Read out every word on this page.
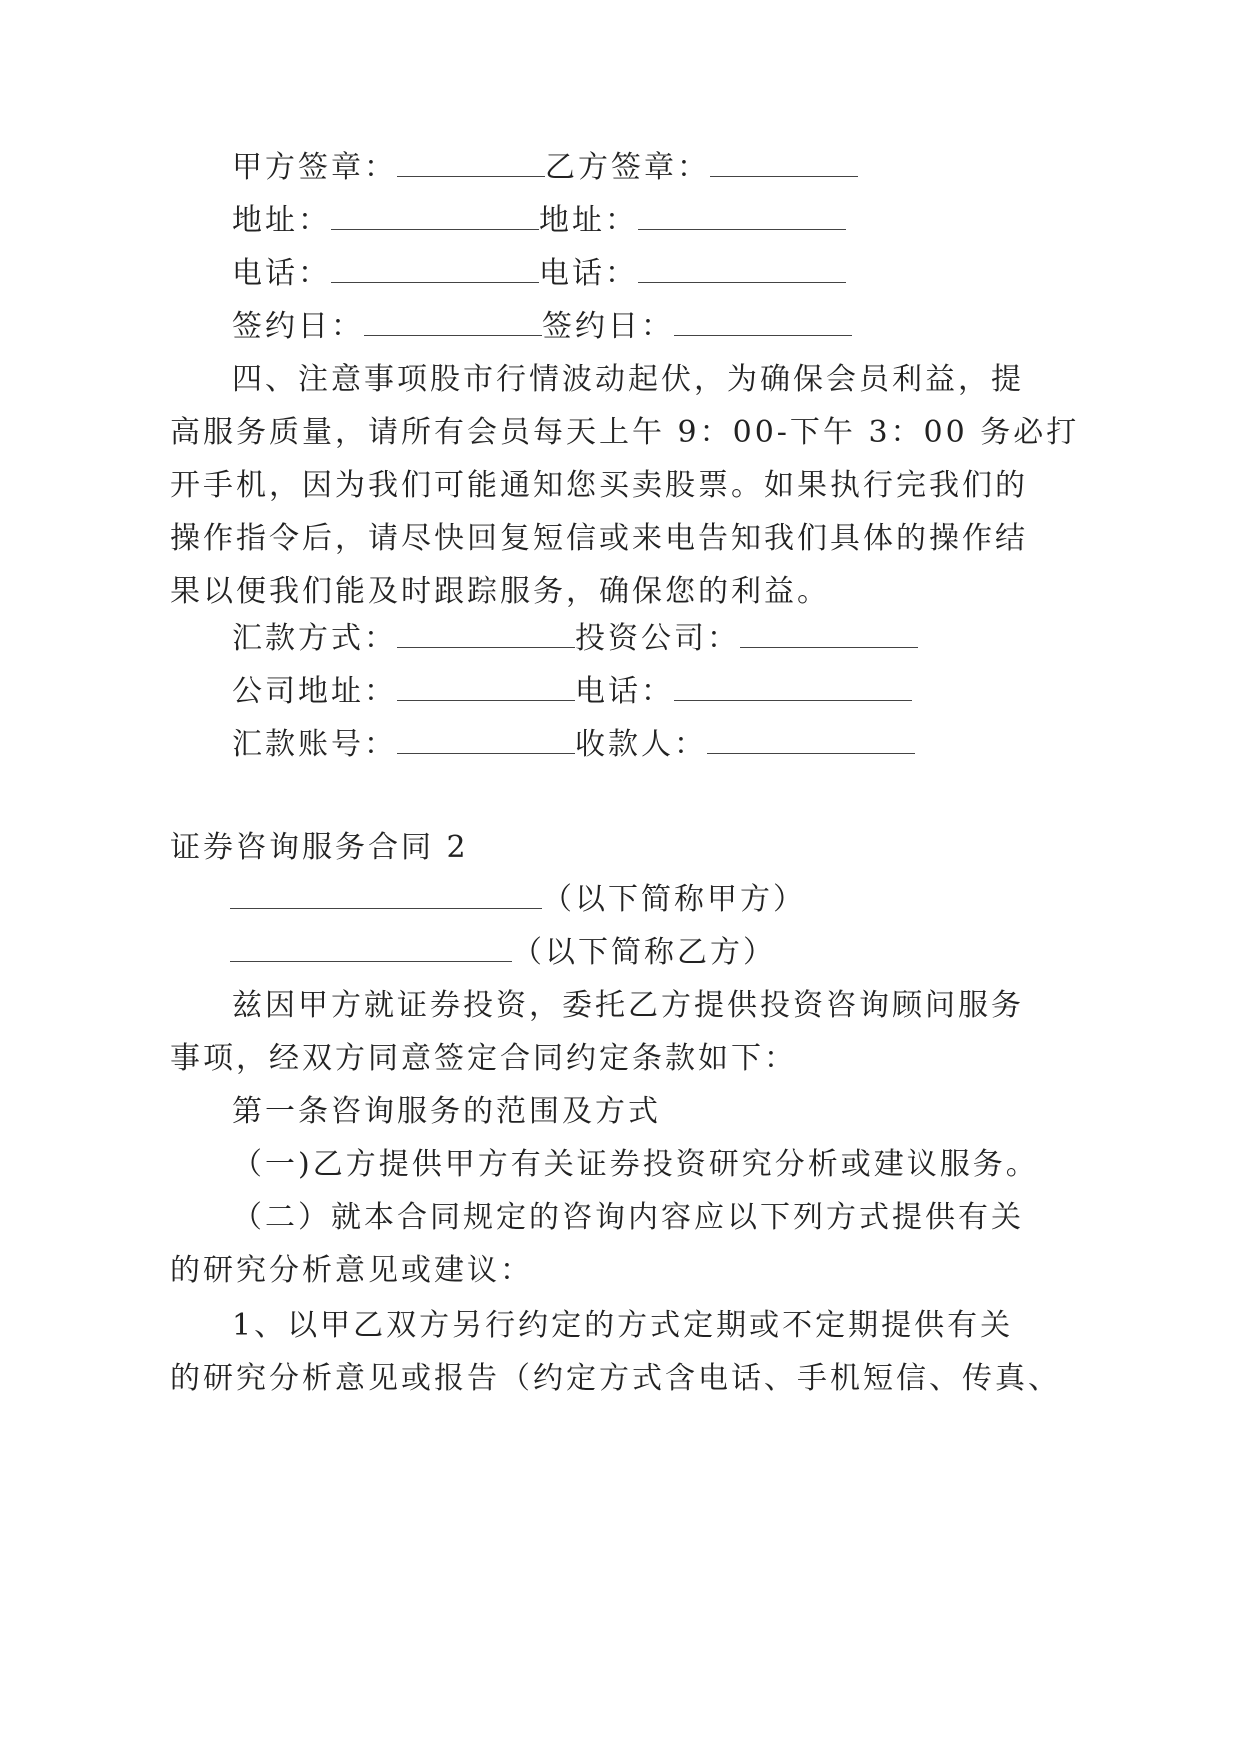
甲方签章：	乙方签章：
地址：	地址：
电话：	电话：
签约日：	签约日：
四、注意事项股市行情波动起伏，为确保会员利益，提
高服务质量，请所有会员每天上午 9：00-下午 3：00 务必打
开手机，因为我们可能通知您买卖股票。如果执行完我们的
操作指令后，请尽快回复短信或来电告知我们具体的操作结
果以便我们能及时跟踪服务，确保您的利益。
汇款方式：	投资公司：
公司地址：	电话：
汇款账号：	收款人：
证券咨询服务合同 2
（以下简称甲方）
（以下简称乙方）
兹因甲方就证券投资，委托乙方提供投资咨询顾问服务
事项，经双方同意签定合同约定条款如下：
第一条咨询服务的范围及方式
（一)乙方提供甲方有关证券投资研究分析或建议服务。
（二）就本合同规定的咨询内容应以下列方式提供有关
的研究分析意见或建议：
1、以甲乙双方另行约定的方式定期或不定期提供有关
的研究分析意见或报告（约定方式含电话、手机短信、传真、
